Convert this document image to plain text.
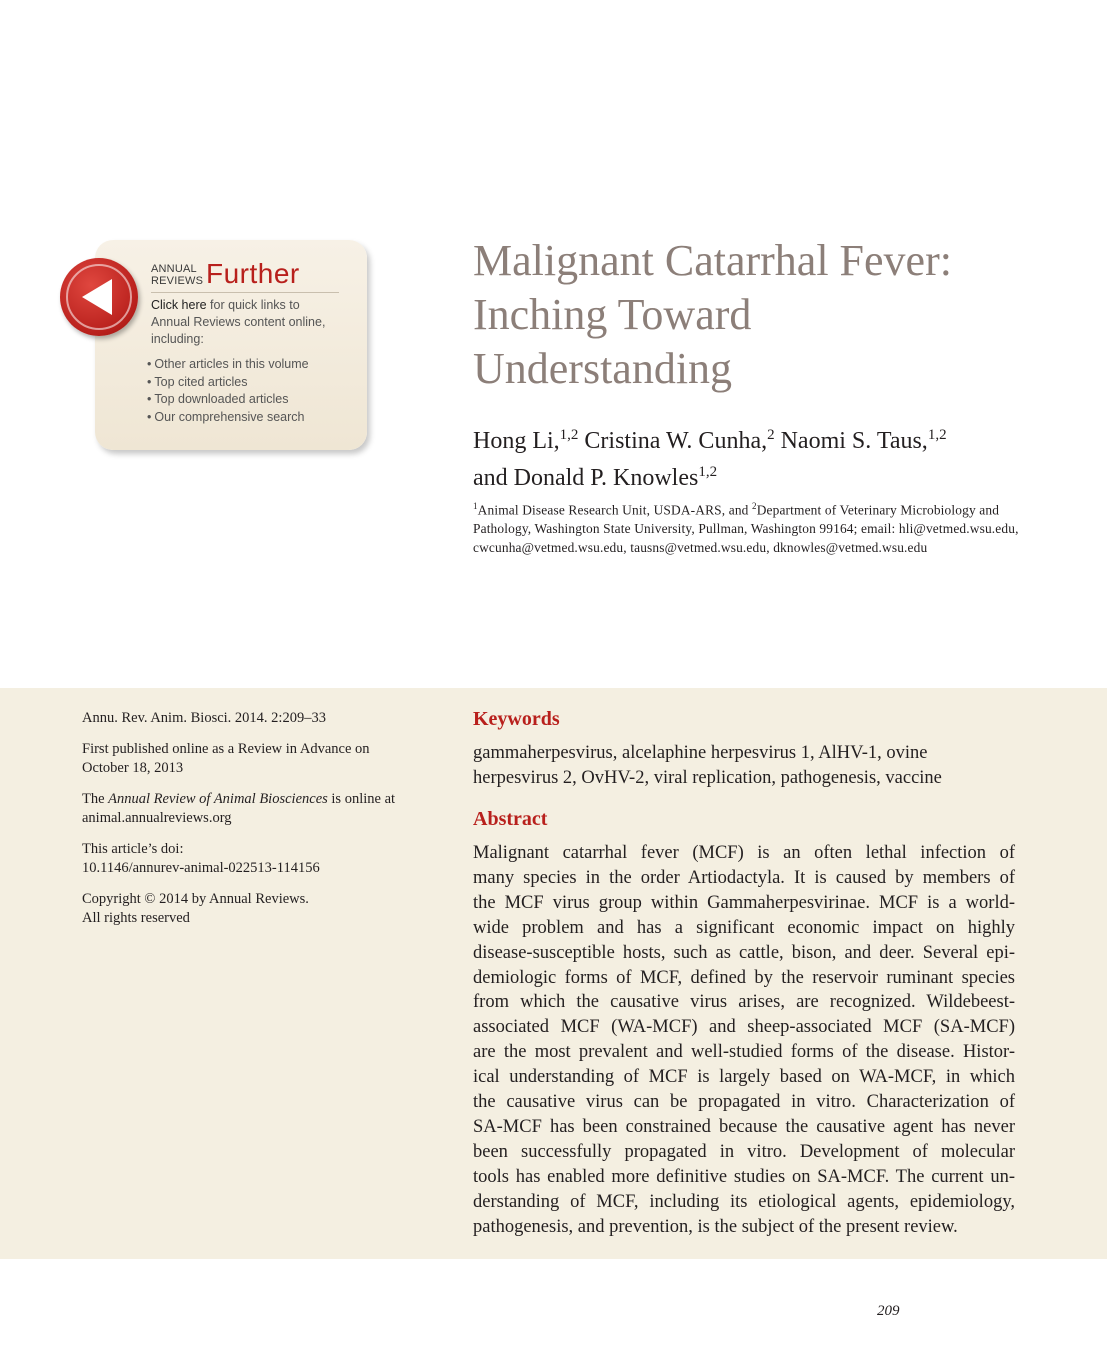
ANNUAL
REVIEWS Further
Click here for quick links to
Annual Reviews content online,
including:
• Other articles in this volume
• Top cited articles
• Top downloaded articles
• Our comprehensive search
Malignant Catarrhal Fever:
Inching Toward
Understanding
Hong Li,$^{1,2}$ Cristina W. Cunha,$^2$ Naomi S. Taus,$^{1,2}$
and Donald P. Knowles$^{1,2}$
$^1$Animal Disease Research Unit, USDA-ARS, and $^2$Department of Veterinary Microbiology and Pathology, Washington State University, Pullman, Washington 99164; email: hli@vetmed.wsu.edu, cwcunha@vetmed.wsu.edu, tausns@vetmed.wsu.edu, dknowles@vetmed.wsu.edu

Annu. Rev. Anim. Biosci. 2014. 2:209–33

First published online as a Review in Advance on October 18, 2013

The Annual Review of Animal Biosciences is online at animal.annualreviews.org

This article’s doi:
10.1146/annurev-animal-022513-114156

Copyright © 2014 by Annual Reviews.
All rights reserved

Keywords
gammaherpesvirus, alcelaphine herpesvirus 1, AlHV-1, ovine herpesvirus 2, OvHV-2, viral replication, pathogenesis, vaccine
Abstract
Malignant catarrhal fever (MCF) is an often lethal infection of
many species in the order Artiodactyla. It is caused by members of
the MCF virus group within Gammaherpesvirinae. MCF is a world-
wide problem and has a significant economic impact on highly
disease-susceptible hosts, such as cattle, bison, and deer. Several epi-
demiologic forms of MCF, defined by the reservoir ruminant species
from which the causative virus arises, are recognized. Wildebeest-
associated MCF (WA-MCF) and sheep-associated MCF (SA-MCF)
are the most prevalent and well-studied forms of the disease. Histor-
ical understanding of MCF is largely based on WA-MCF, in which
the causative virus can be propagated in vitro. Characterization of
SA-MCF has been constrained because the causative agent has never
been successfully propagated in vitro. Development of molecular
tools has enabled more definitive studies on SA-MCF. The current un-
derstanding of MCF, including its etiological agents, epidemiology,
pathogenesis, and prevention, is the subject of the present review.
209
